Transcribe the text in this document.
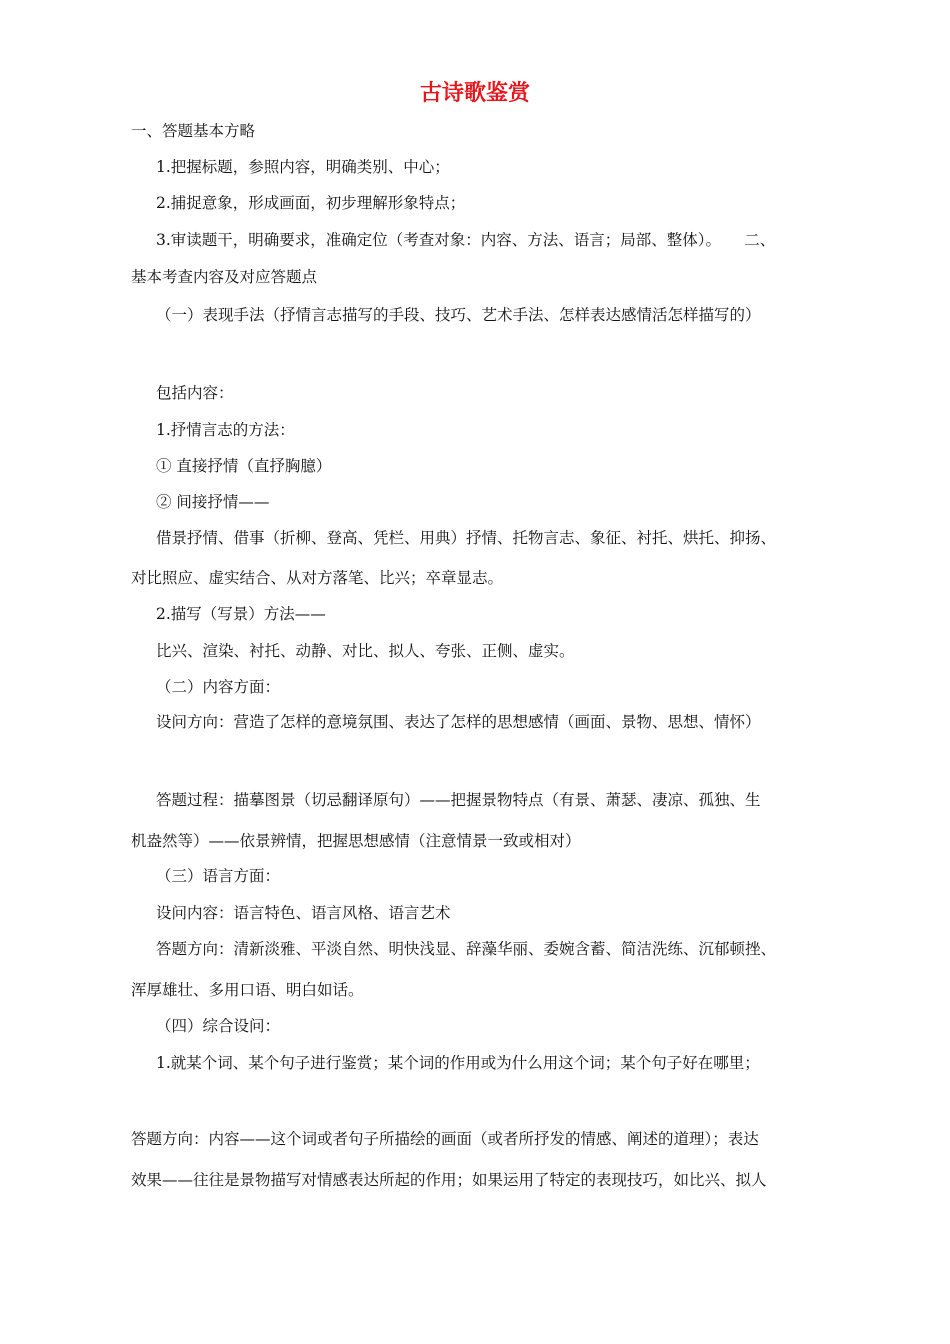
古诗歌鉴赏
一、答题基本方略
1.把握标题，参照内容，明确类别、中心；
2.捕捉意象，形成画面，初步理解形象特点；
3.审读题干，明确要求，准确定位（考查对象：内容、方法、语言；局部、整体）。　　二、
基本考查内容及对应答题点
（一）表现手法（抒情言志描写的手段、技巧、艺术手法、怎样表达感情活怎样描写的）
包括内容：
1.抒情言志的方法：
① 直接抒情（直抒胸臆）
② 间接抒情——
借景抒情、借事（折柳、登高、凭栏、用典）抒情、托物言志、象征、衬托、烘托、抑扬、
对比照应、虚实结合、从对方落笔、比兴；卒章显志。
2.描写（写景）方法——
比兴、渲染、衬托、动静、对比、拟人、夸张、正侧、虚实。
（二）内容方面：
设问方向：营造了怎样的意境氛围、表达了怎样的思想感情（画面、景物、思想、情怀）
答题过程：描摹图景（切忌翻译原句）——把握景物特点（有景、萧瑟、凄凉、孤独、生
机盎然等）——依景辨情，把握思想感情（注意情景一致或相对）
（三）语言方面：
设问内容：语言特色、语言风格、语言艺术
答题方向：清新淡雅、平淡自然、明快浅显、辞藻华丽、委婉含蓄、简洁洗练、沉郁顿挫、
浑厚雄壮、多用口语、明白如话。
（四）综合设问：
1.就某个词、某个句子进行鉴赏；某个词的作用或为什么用这个词；某个句子好在哪里；
答题方向：内容——这个词或者句子所描绘的画面（或者所抒发的情感、阐述的道理）；表达
效果——往往是景物描写对情感表达所起的作用；如果运用了特定的表现技巧，如比兴、拟人
